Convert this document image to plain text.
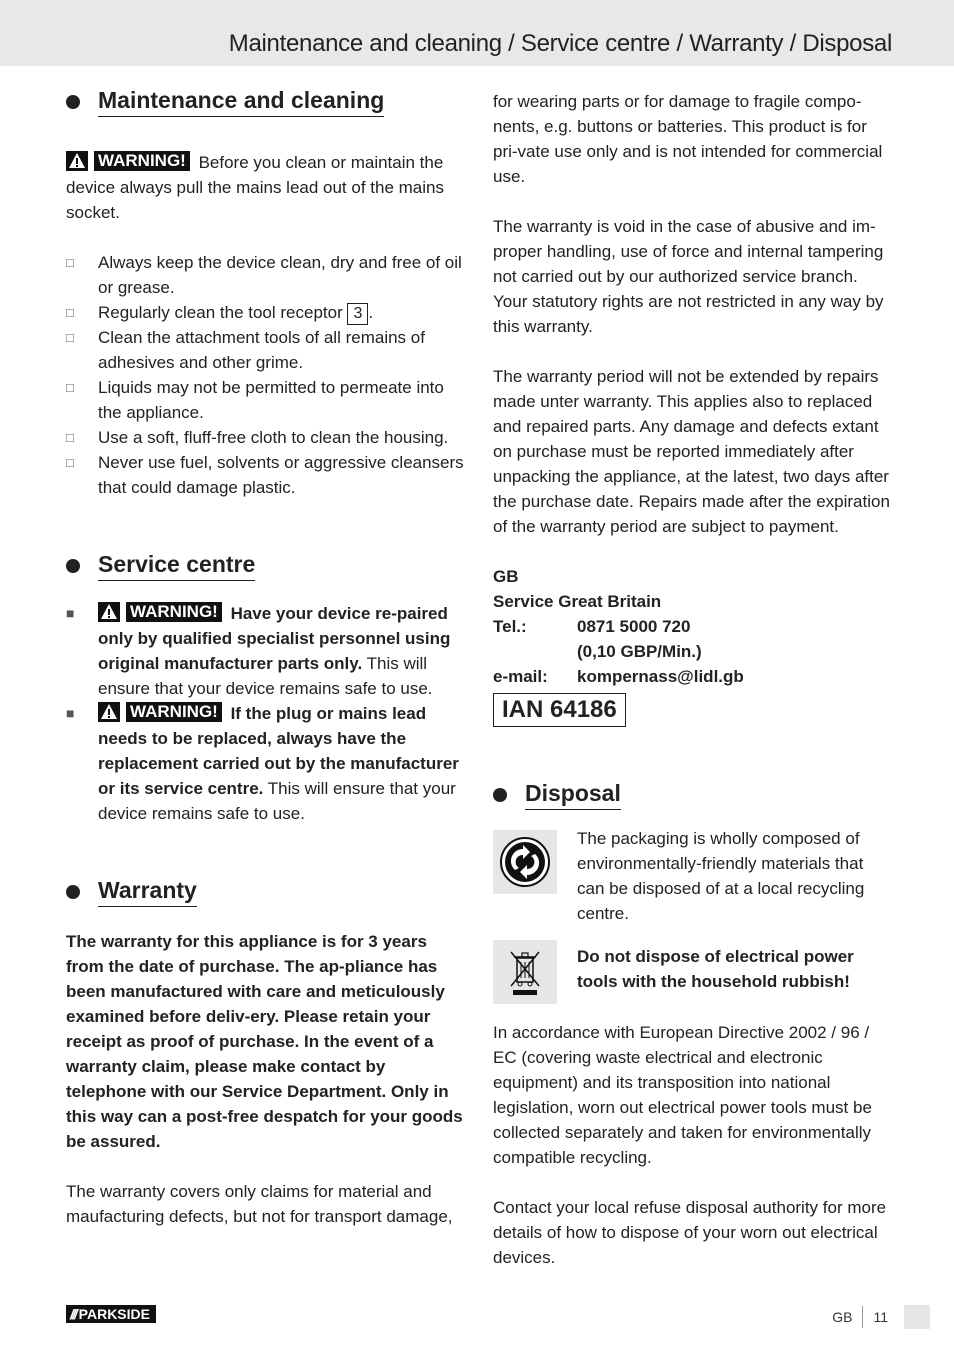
Maintenance and cleaning / Service centre / Warranty / Disposal
Maintenance and cleaning

WARNING! Before you clean or maintain the device always pull the mains lead out of the mains socket.

□ Always keep the device clean, dry and free of oil or grease.
□ Regularly clean the tool receptor 3 .
□ Clean the attachment tools of all remains of adhesives and other grime.
□ Liquids may not be permitted to permeate into the appliance.
□ Use a soft, fluff-free cloth to clean the housing.
□ Never use fuel, solvents or aggressive cleansers that could damage plastic.
Service centre
■	WARNING! Have your device re-paired only by qualified specialist personnel using original manufacturer parts only. This will ensure that your device remains safe to use.
■	WARNING! If the plug or mains lead needs to be replaced, always have the replacement carried out by the manufacturer or its service centre. This will ensure that your device remains safe to use.
Warranty

The warranty for this appliance is for 3 years from the date of purchase. The ap-pliance has been manufactured with care and meticulously examined before deliv-ery. Please retain your receipt as proof of purchase. In the event of a warranty claim, please make contact by telephone with our Service Department. Only in this way can a post-free despatch for your goods be assured.

The warranty covers only claims for material and maufacturing defects, but not for transport damage,

for wearing parts or for damage to fragile compo-nents, e.g. buttons or batteries. This product is for pri-vate use only and is not intended for commercial use.

The warranty is void in the case of abusive and im-proper handling, use of force and internal tampering not carried out by our authorized service branch. Your statutory rights are not restricted in any way by this warranty.

The warranty period will not be extended by repairs made unter warranty. This applies also to replaced and repaired parts. Any damage and defects extant on purchase must be reported immediately after unpacking the appliance, at the latest, two days after the purchase date. Repairs made after the expiration of the warranty period are subject to payment.

GB

Service Great Britain

Tel.:	0871 5000 720
(0,10 GBP/Min.)
e-mail:	kompernass@lidl.gb
IAN 64186
Disposal

The packaging is wholly composed of environmentally-friendly materials that can be disposed of at a local recycling centre.

Do not dispose of electrical power tools with the household rubbish!

In accordance with European Directive 2002 / 96 / EC (covering waste electrical and electronic equipment) and its transposition into national legislation, worn out electrical power tools must be collected separately and taken for environmentally compatible recycling.

Contact your local refuse disposal authority for more details of how to dispose of your worn out electrical devices.

/// PARKSIDE	GB 11
